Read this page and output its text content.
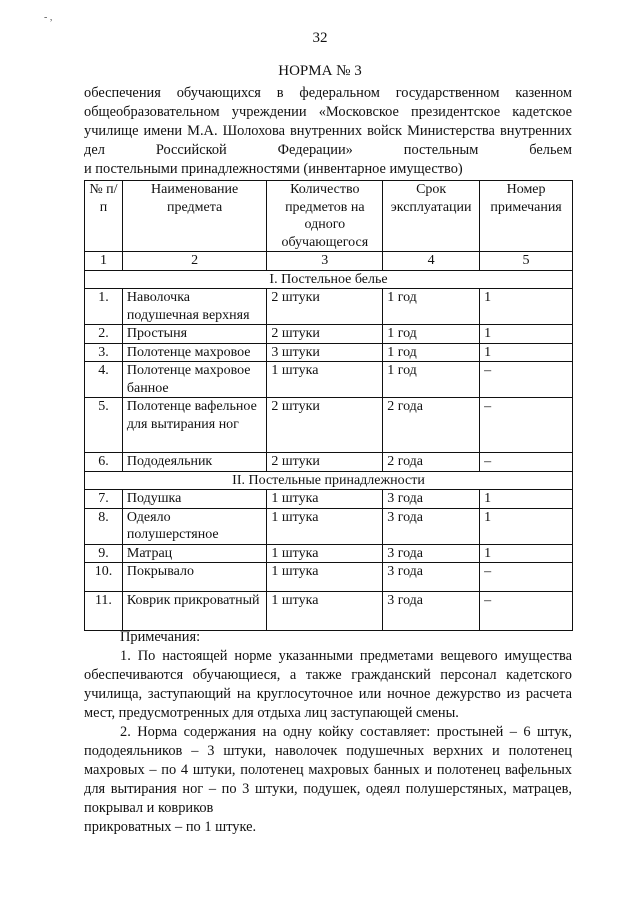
- ,
32
НОРМА № 3
обеспечения обучающихся в федеральном государственном казенном общеобразовательном учреждении «Московское президентское кадетское училище имени М.А. Шолохова внутренних войск Министерства внутренних дел Российской Федерации» постельным бельем
и постельными принадлежностями (инвентарное имущество)
№ п/п	Наименование предмета	Количество предметов на одного обучающегося	Срок эксплуатации	Номер примечания
1	2	3	4	5
I. Постельное белье				
1.	Наволочка подушечная верхняя	2 штуки	1 год	1
2.	Простыня	2 штуки	1 год	1
3.	Полотенце махровое	3 штуки	1 год	1
4.	Полотенце махровое банное	1 штука	1 год	–
5.	Полотенце вафельное для вытирания ног	2 штуки	2 года	–
6.	Пододеяльник	2 штуки	2 года	–
II. Постельные принадлежности				
7.	Подушка	1 штука	3 года	1
8.	Одеяло полушерстяное	1 штука	3 года	1
9.	Матрац	1 штука	3 года	1
10.	Покрывало	1 штука	3 года	–
11.	Коврик прикроватный	1 штука	3 года	–

Примечания:

1. По настоящей норме указанными предметами вещевого имущества обеспечиваются обучающиеся, а также гражданский персонал кадетского училища, заступающий на круглосуточное или ночное дежурство из расчета мест, предусмотренных для отдыха лиц заступающей смены.

2. Норма содержания на одну койку составляет: простыней – 6 штук, пододеяльников – 3 штуки, наволочек подушечных верхних и полотенец махровых – по 4 штуки, полотенец махровых банных и полотенец вафельных для вытирания ног – по 3 штуки, подушек, одеял полушерстяных, матрацев, покрывал и ковриков

прикроватных – по 1 штуке.
